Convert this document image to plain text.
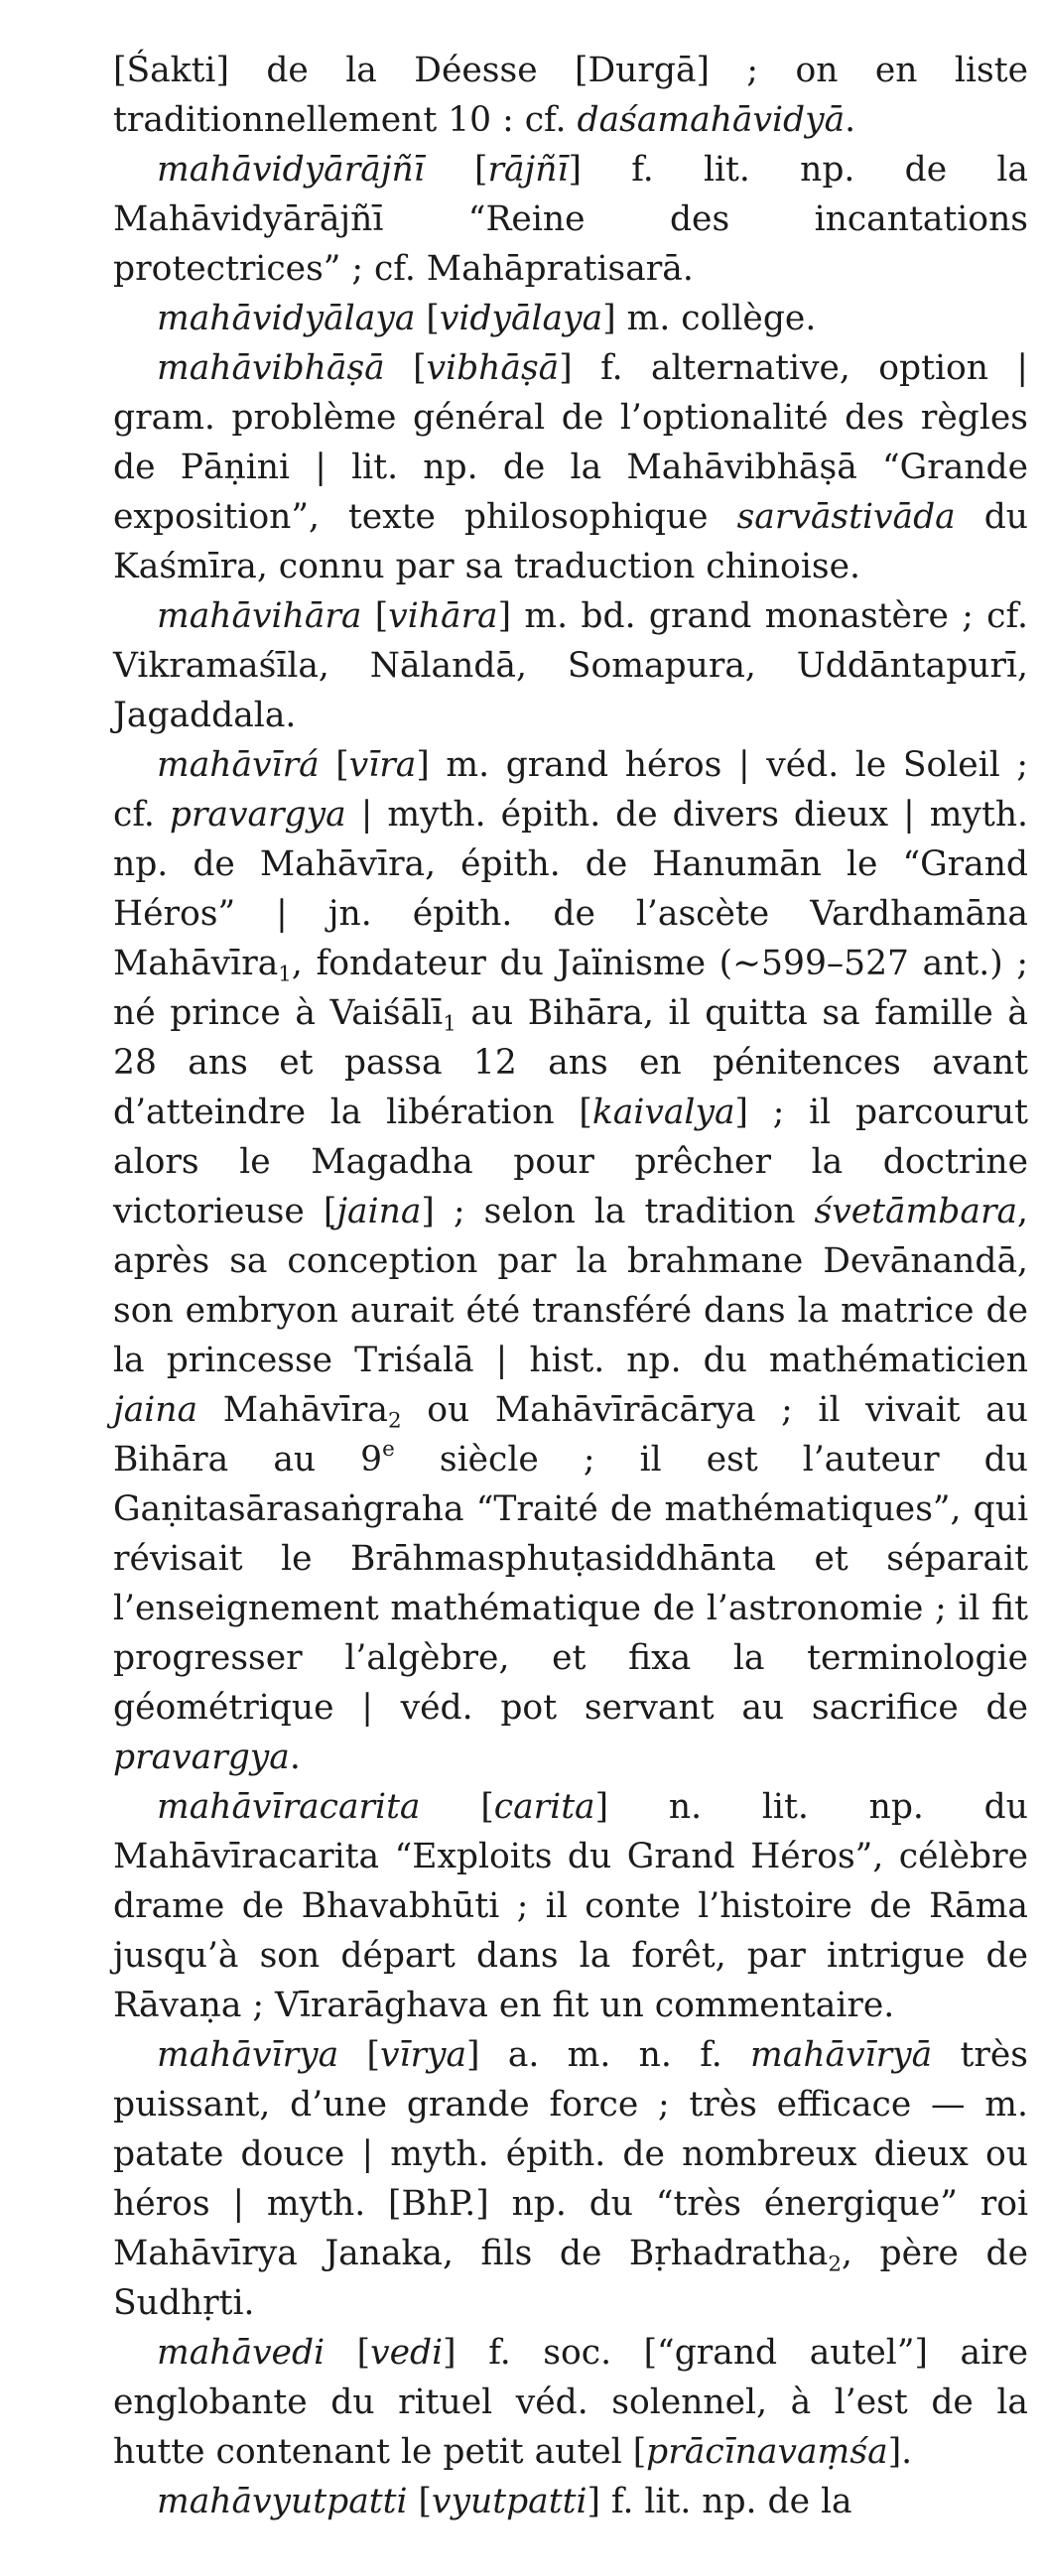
[Śakti] de la Déesse [Durgā] ; on en liste traditionnellement 10 : cf. daśamahāvidyā.

mahāvidyārājñī [rājñī] f. lit. np. de la Mahāvidyārājñī “Reine des incantations protectrices” ; cf. Mahāpratisarā.

mahāvidyālaya [vidyālaya] m. collège.

mahāvibhāṣā [vibhāṣā] f. alternative, option | gram. problème général de l’optionalité des règles de Pāṇini | lit. np. de la Mahāvibhāṣā “Grande exposition”, texte philosophique sarvāstivāda du Kaśmīra, connu par sa traduction chinoise.

mahāvihāra [vihāra] m. bd. grand monastère ; cf. Vikramaśīla, Nālandā, Somapura, Uddāntapurī, Jagaddala.

mahāvīrá [vīra] m. grand héros | véd. le Soleil ; cf. pravargya | myth. épith. de divers dieux | myth. np. de Mahāvīra, épith. de Hanumān le “Grand Héros” | jn. épith. de l’ascète Vardhamāna Mahāvīra$_1$, fondateur du Jaïnisme (∼599–527 ant.) ; né prince à Vaiśālī$_1$ au Bihāra, il quitta sa famille à 28 ans et passa 12 ans en pénitences avant d’atteindre la libération [kaivalya] ; il parcourut alors le Magadha pour prêcher la doctrine victorieuse [jaina] ; selon la tradition śvetāmbara, après sa conception par la brahmane Devānandā, son embryon aurait été transféré dans la matrice de la princesse Triśalā | hist. np. du mathématicien jaina Mahāvīra$_2$ ou Mahāvīrācārya ; il vivait au Bihāra au 9e siècle ; il est l’auteur du Gaṇitasārasaṅgraha “Traité de mathématiques”, qui révisait le Brāhmasphuṭasiddhānta et séparait l’enseignement mathématique de l’astronomie ; il fit progresser l’algèbre, et fixa la terminologie géométrique | véd. pot servant au sacrifice de pravargya.

mahāvīracarita [carita] n. lit. np. du Mahāvīracarita “Exploits du Grand Héros”, célèbre drame de Bhavabhūti ; il conte l’histoire de Rāma jusqu’à son départ dans la forêt, par intrigue de Rāvaṇa ; Vīrarāghava en fit un commentaire.

mahāvīrya [vīrya] a. m. n. f. mahāvīryā très puissant, d’une grande force ; très efficace — m. patate douce | myth. épith. de nombreux dieux ou héros | myth. [BhP.] np. du “très énergique” roi Mahāvīrya Janaka, fils de Bṛhadratha$_2$, père de Sudhṛti.

mahāvedi [vedi] f. soc. [“grand autel”] aire englobante du rituel véd. solennel, à l’est de la hutte contenant le petit autel [prācīnavaṃśa].

mahāvyutpatti [vyutpatti] f. lit. np. de la
